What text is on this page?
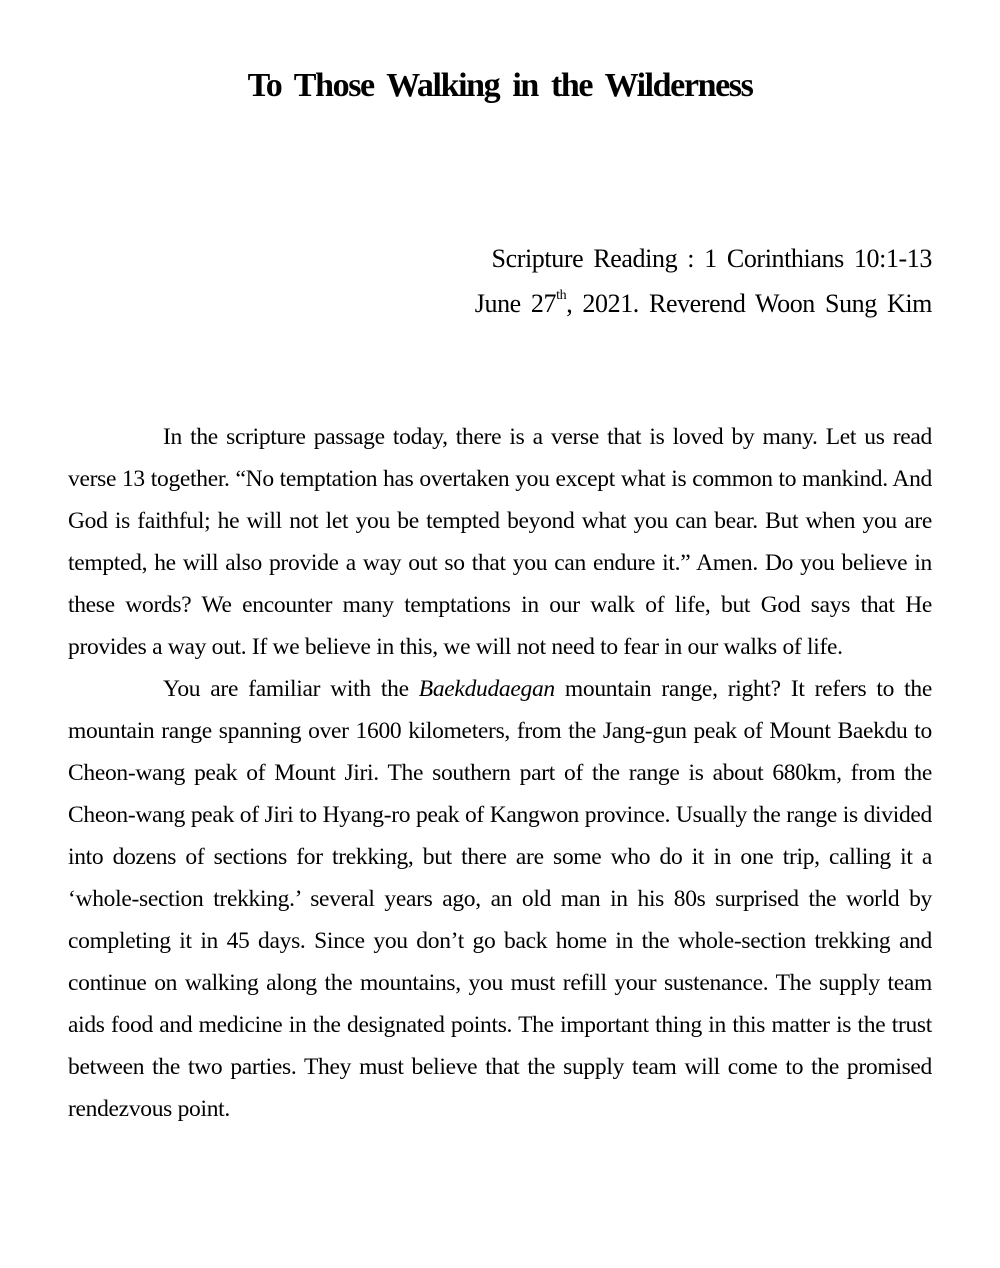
To Those Walking in the Wilderness
Scripture Reading : 1 Corinthians 10:1-13
June 27th, 2021. Reverend Woon Sung Kim

In the scripture passage today, there is a verse that is loved by many. Let us read verse 13 together. “No temptation has overtaken you except what is common to mankind. And God is faithful; he will not let you be tempted beyond what you can bear. But when you are tempted, he will also provide a way out so that you can endure it.” Amen. Do you believe in these words? We encounter many temptations in our walk of life, but God says that He provides a way out. If we believe in this, we will not need to fear in our walks of life.

You are familiar with the Baekdudaegan mountain range, right? It refers to the mountain range spanning over 1600 kilometers, from the Jang-gun peak of Mount Baekdu to Cheon-wang peak of Mount Jiri. The southern part of the range is about 680km, from the Cheon-wang peak of Jiri to Hyang-ro peak of Kangwon province. Usually the range is divided into dozens of sections for trekking, but there are some who do it in one trip, calling it a ‘whole-section trekking.’ several years ago, an old man in his 80s surprised the world by completing it in 45 days. Since you don’t go back home in the whole-section trekking and continue on walking along the mountains, you must refill your sustenance. The supply team aids food and medicine in the designated points. The important thing in this matter is the trust between the two parties. They must believe that the supply team will come to the promised rendezvous point.
